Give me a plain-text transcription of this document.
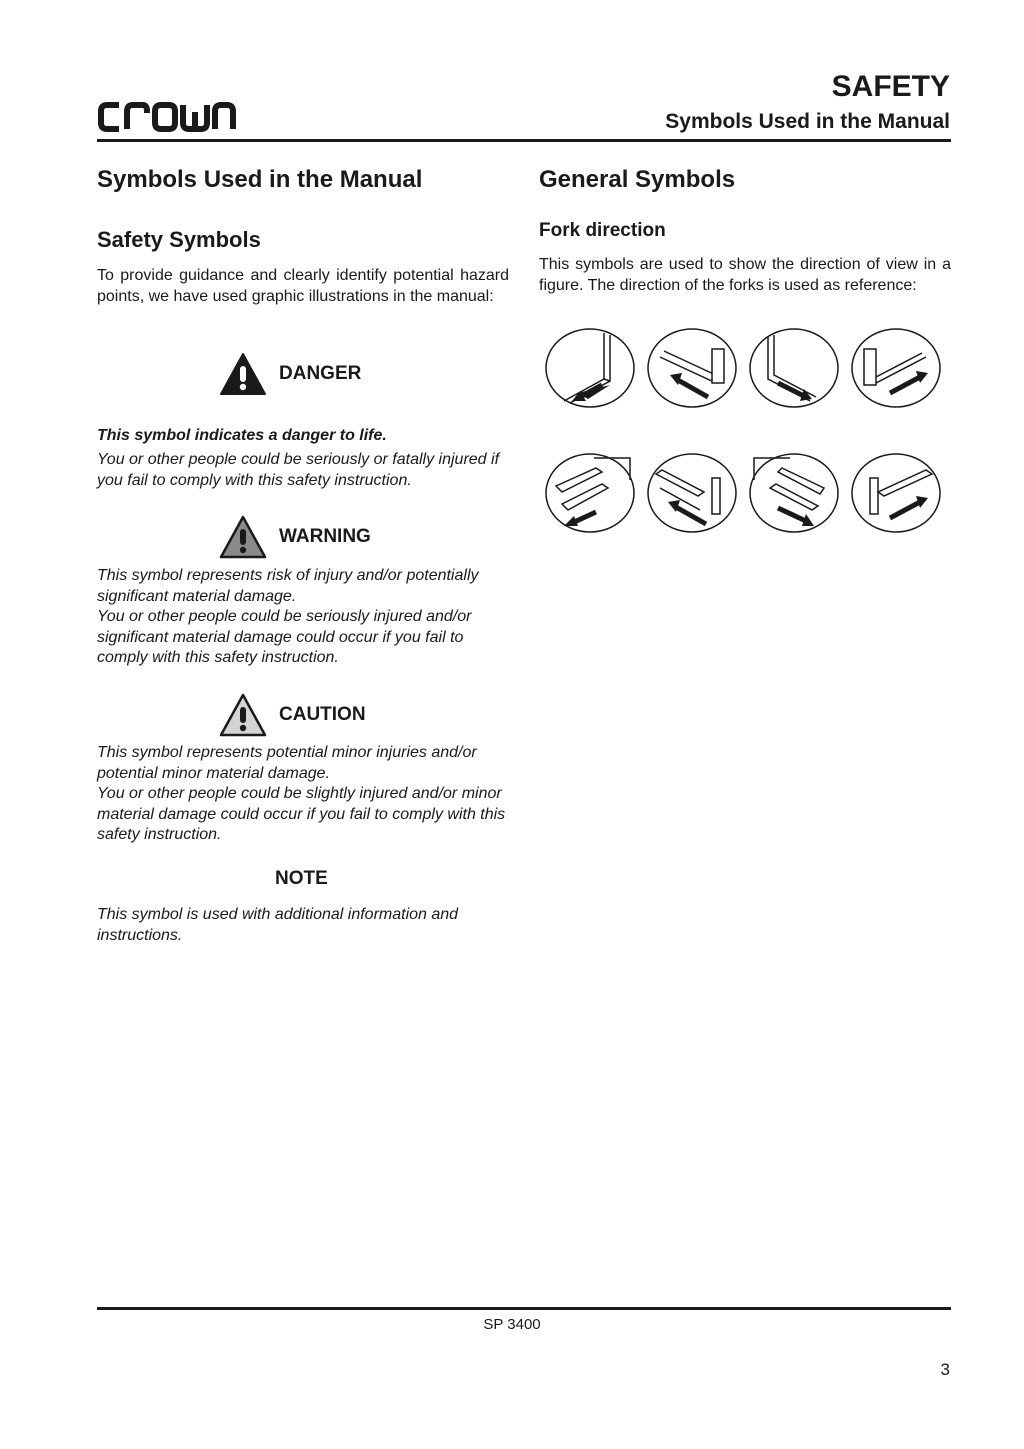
SAFETY
Symbols Used in the Manual
Symbols Used in the Manual
Safety Symbols
To provide guidance and clearly identify potential hazard points, we have used graphic illustrations in the manual:
DANGER
This symbol indicates a danger to life.
You or other people could be seriously or fatally injured if you fail to comply with this safety instruction.
WARNING
This symbol represents risk of injury and/or potentially significant material damage.
You or other people could be seriously injured and/or significant material damage could occur if you fail to comply with this safety instruction.
CAUTION
This symbol represents potential minor injuries and/or potential minor material damage.
You or other people could be slightly injured and/or minor material damage could occur if you fail to comply with this safety instruction.
NOTE
This symbol is used with additional information and instructions.
General Symbols
Fork direction
This symbols are used to show the direction of view in a figure. The direction of the forks is used as reference:
SP 3400
3
